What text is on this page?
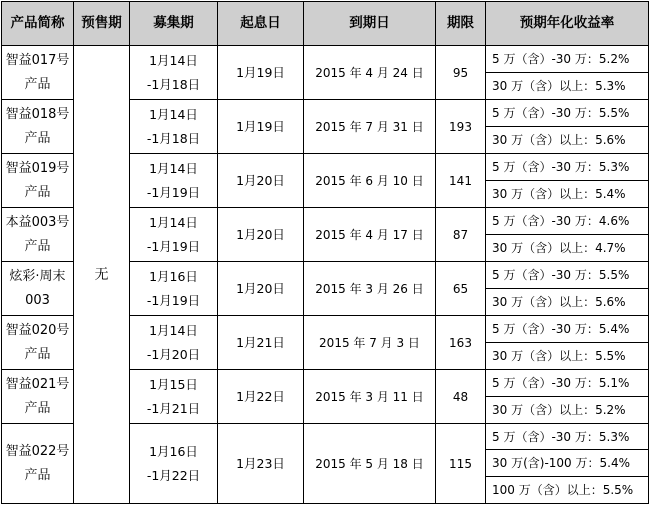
产品简称	预售期	募集期	起息日	到期日	期限	预期年化收益率
智益017号产品	无	1月14日
-1月18日	1月19日	2015 年 4 月 24 日	95	5 万（含）-30 万：5.2%
						30 万（含）以上：5.3%
智益018号产品		1月14日
-1月18日	1月19日	2015 年 7 月 31 日	193	5 万（含）-30 万：5.5%
						30 万（含）以上：5.6%
智益019号产品		1月14日
-1月19日	1月20日	2015 年 6 月 10 日	141	5 万（含）-30 万：5.3%
						30 万（含）以上：5.4%
本益003号产品		1月14日
-1月19日	1月20日	2015 年 4 月 17 日	87	5 万（含）-30 万：4.6%
						30 万（含）以上：4.7%
炫彩·周末003		1月16日
-1月19日	1月20日	2015 年 3 月 26 日	65	5 万（含）-30 万：5.5%
						30 万（含）以上：5.6%
智益020号产品		1月14日
-1月20日	1月21日	2015 年 7 月 3 日	163	5 万（含）-30 万：5.4%
						30 万（含）以上：5.5%
智益021号产品		1月15日
-1月21日	1月22日	2015 年 3 月 11 日	48	5 万（含）-30 万：5.1%
						30 万（含）以上：5.2%
智益022号产品		1月16日
-1月22日	1月23日	2015 年 5 月 18 日	115	5 万（含）-30 万：5.3%
						30 万(含)-100 万：5.4%
						100 万（含）以上：5.5%
